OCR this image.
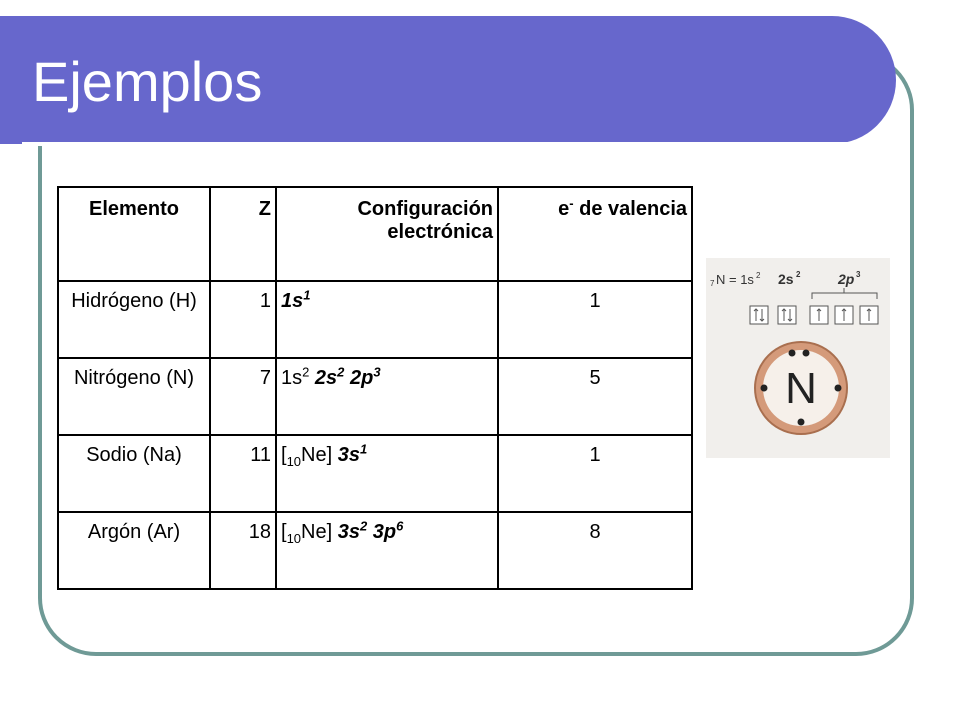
Ejemplos
Elemento	Z	Configuración electrónica	e- de valencia
Hidrógeno (H)	1	$1s^1$	1
Nitrógeno (N)	7	$1s^2$ $2s^2$ $2p^3$	5
Sodio (Na)	11	$[_{10}Ne]$ $3s^1$	1
Argón (Ar)	18	$[_{10}Ne]$ $3s^2$ $3p^6$	8
7 N = 1s 2 2s 2	2p 3
N
